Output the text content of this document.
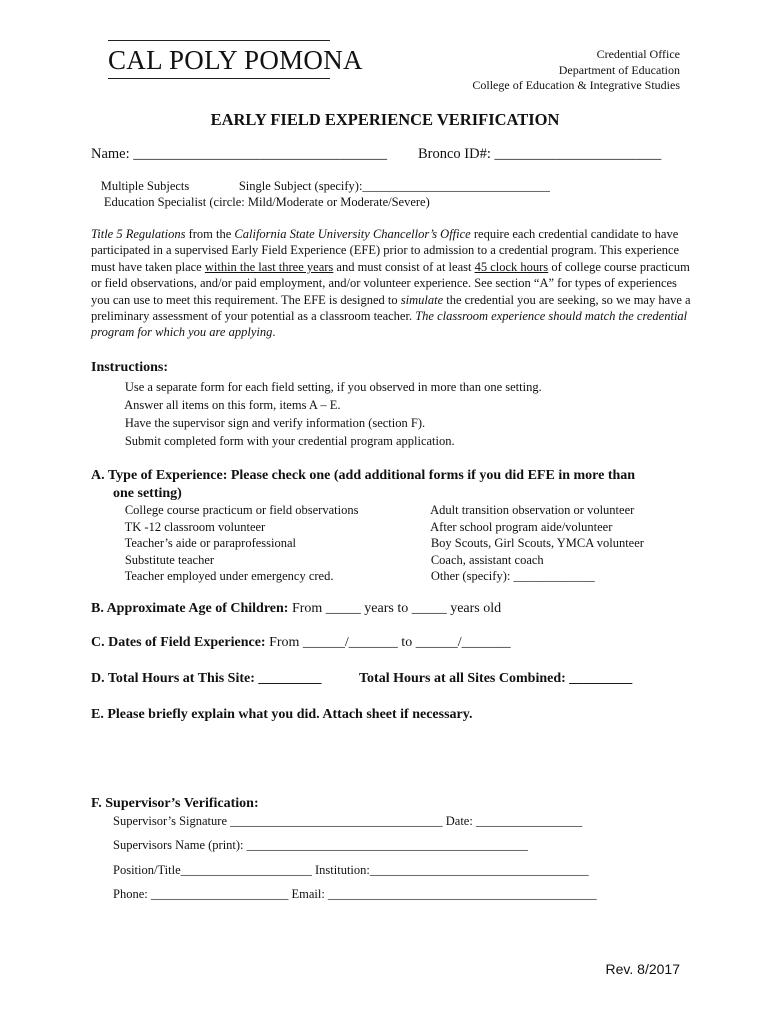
CAL POLY POMONA	Credential Office
Department of Education
College of Education & Integrative Studies
EARLY FIELD EXPERIENCE VERIFICATION
Name: ___________________________________ Bronco ID#: _______________________
 Multiple Subjects	  Single Subject (specify):______________________________
  Education Specialist (circle: Mild/Moderate or Moderate/Severe)
Title 5 Regulations from the California State University Chancellor’s Office require each credential candidate to have participated in a supervised Early Field Experience (EFE) prior to admission to a credential program. This experience must have taken place within the last three years and must consist of at least 45 clock hours of college course practicum or field observations, and/or paid employment, and/or volunteer experience. See section “A” for types of experiences you can use to meet this requirement. The EFE is designed to simulate the credential you are seeking, so we may have a preliminary assessment of your potential as a classroom teacher. The classroom experience should match the credential program for which you are applying.
Instructions:
  Use a separate form for each field setting, if you observed in more than one setting.
  Answer all items on this form, items A – E.
  Have the supervisor sign and verify information (section F).
  Submit completed form with your credential program application.
A. Type of Experience: Please check one (add additional forms if you did EFE in more than
one setting)
  College course practicum or field observations
  TK -12 classroom volunteer
  Teacher’s aide or paraprofessional
  Substitute teacher
  Teacher employed under emergency cred.
  Adult transition observation or volunteer
  After school program aide/volunteer
  Boy Scouts, Girl Scouts, YMCA volunteer
  Coach, assistant coach
  Other (specify): _____________
B. Approximate Age of Children: From _____ years to _____ years old
C. Dates of Field Experience: From ______/_______ to ______/_______
D. Total Hours at This Site: _________	Total Hours at all Sites Combined: _________
E. Please briefly explain what you did. Attach sheet if necessary.
F. Supervisor’s Verification:
Supervisor’s Signature __________________________________ Date: _________________
Supervisors Name (print): _____________________________________________
Position/Title_____________________ Institution:___________________________________
Phone: ______________________ Email: ___________________________________________
Rev. 8/2017
